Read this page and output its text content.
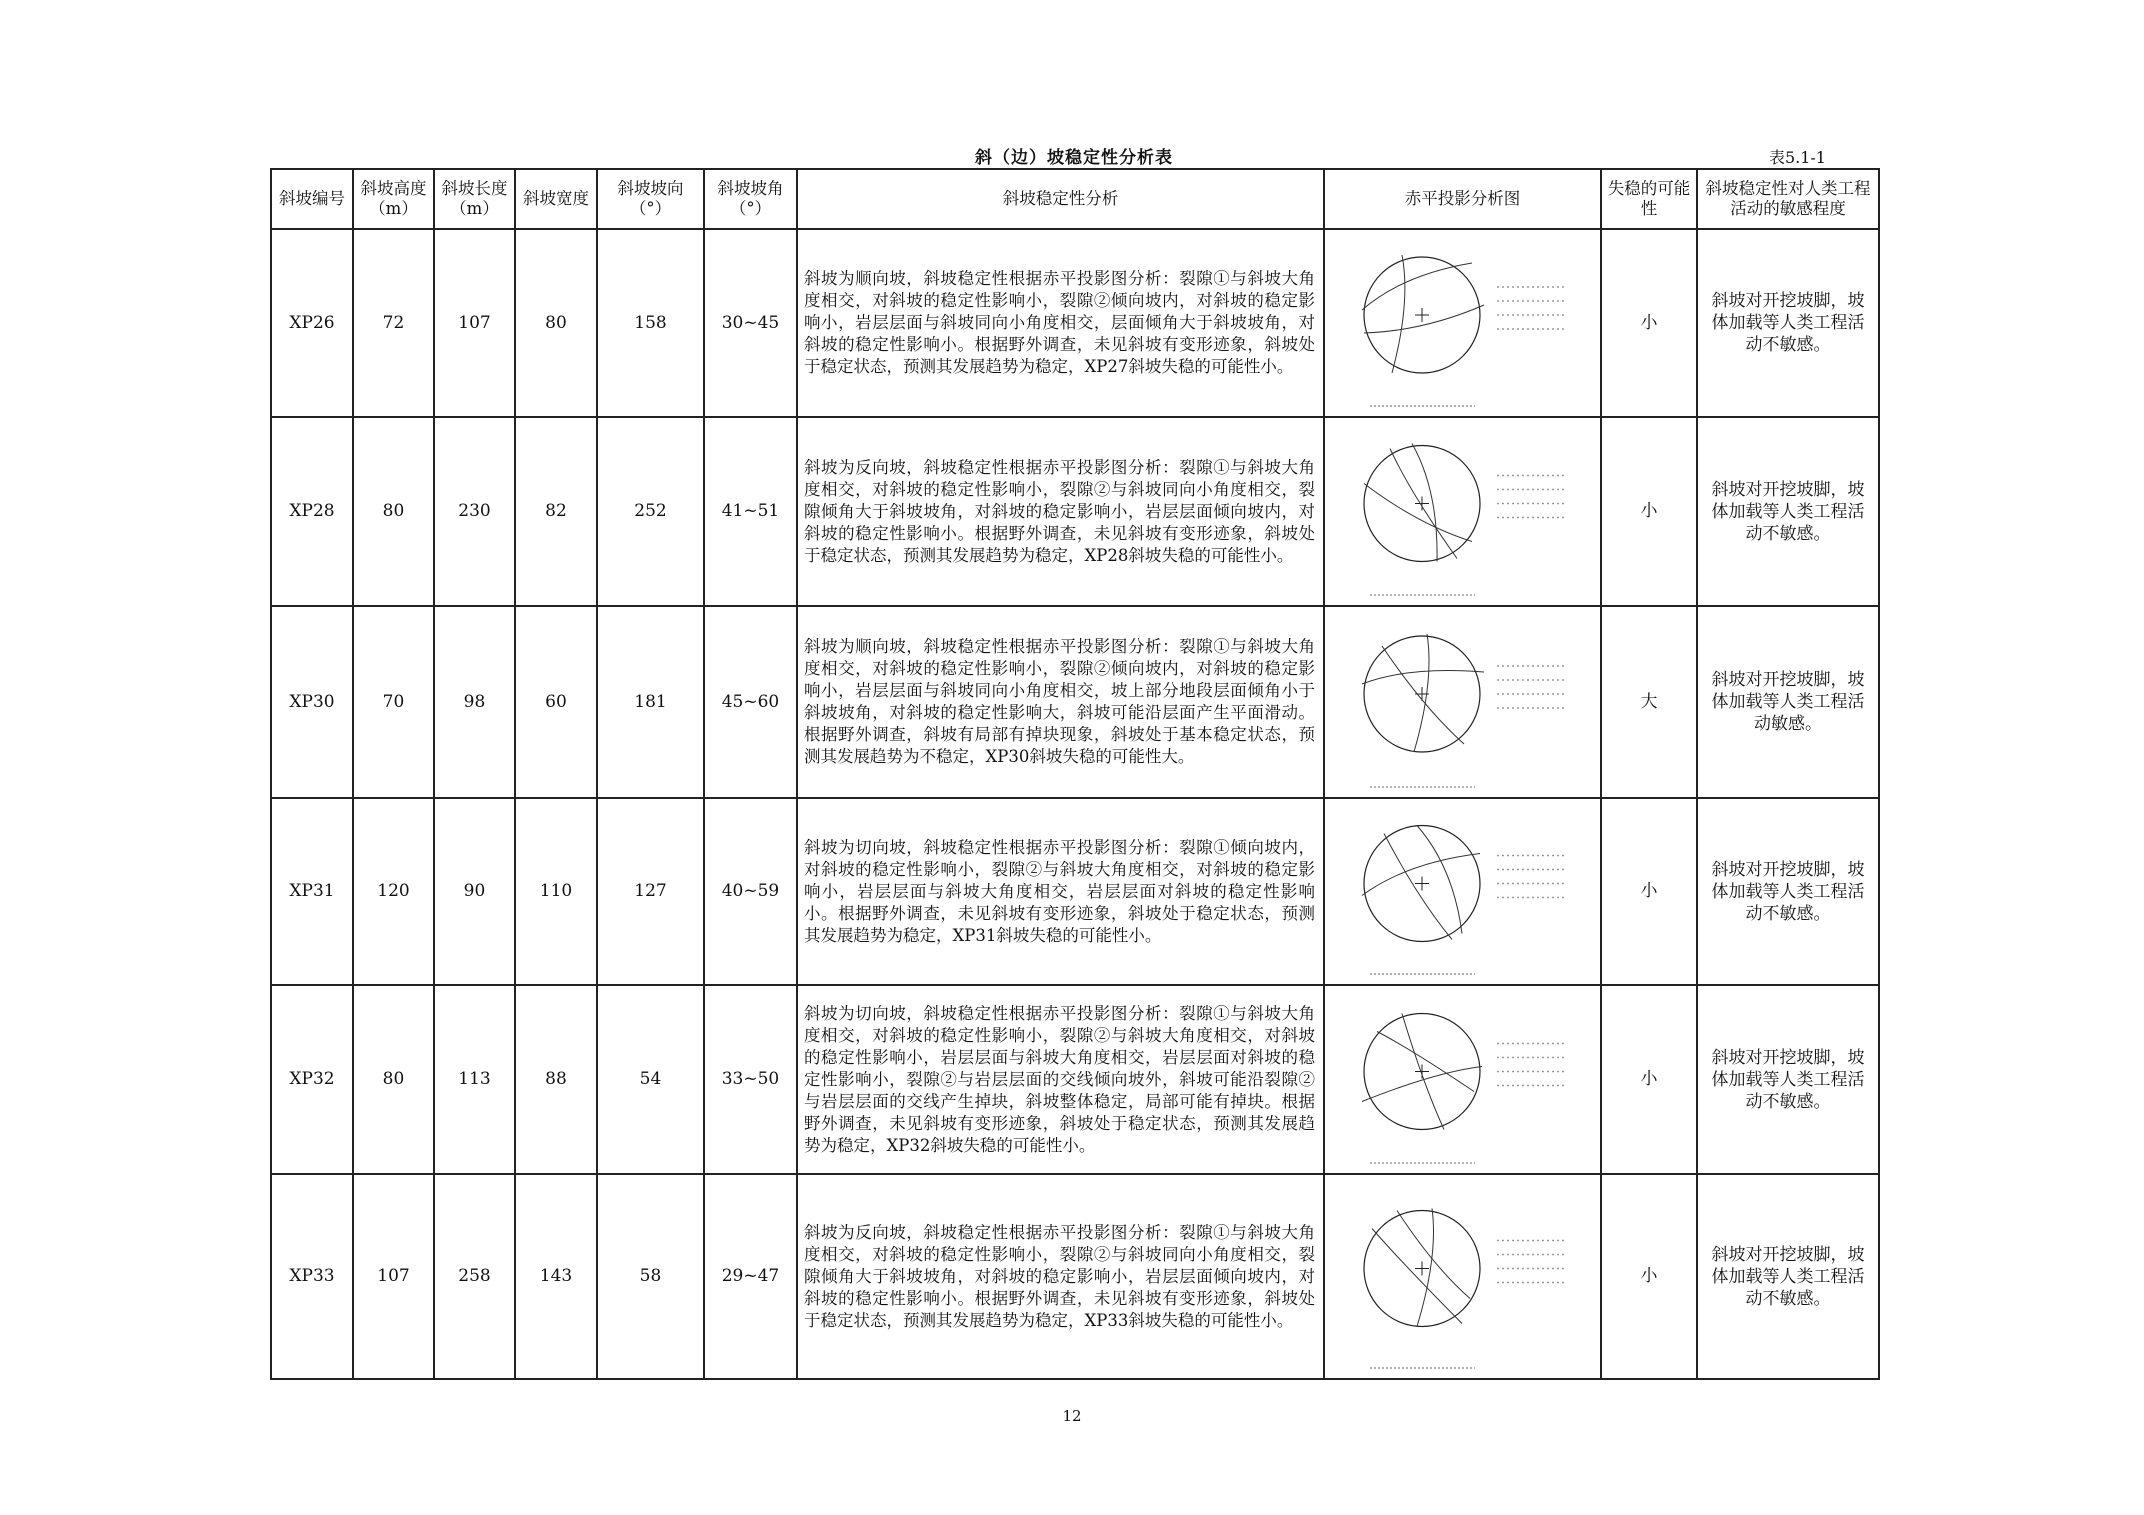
斜（边）坡稳定性分析表	表5.1-1
斜坡编号	斜坡高度（m）	斜坡长度（m）	斜坡宽度	斜坡坡向（°）	斜坡坡角（°）	斜坡稳定性分析	赤平投影分析图	失稳的可能性	斜坡稳定性对人类工程活动的敏感程度
XP26	72	107	80	158	30~45	斜坡为顺向坡，斜坡稳定性根据赤平投影图分析：裂隙①与斜坡大角度相交，对斜坡的稳定性影响小，裂隙②倾向坡内，对斜坡的稳定影响小，岩层层面与斜坡同向小角度相交，层面倾角大于斜坡坡角，对斜坡的稳定性影响小。根据野外调查，未见斜坡有变形迹象，斜坡处于稳定状态，预测其发展趋势为稳定，XP27斜坡失稳的可能性小。		小	斜坡对开挖坡脚，坡体加载等人类工程活动不敏感。
XP28	80	230	82	252	41~51	斜坡为反向坡，斜坡稳定性根据赤平投影图分析：裂隙①与斜坡大角度相交，对斜坡的稳定性影响小，裂隙②与斜坡同向小角度相交，裂隙倾角大于斜坡坡角，对斜坡的稳定影响小，岩层层面倾向坡内，对斜坡的稳定性影响小。根据野外调查，未见斜坡有变形迹象，斜坡处于稳定状态，预测其发展趋势为稳定，XP28斜坡失稳的可能性小。		小	斜坡对开挖坡脚，坡体加载等人类工程活动不敏感。
XP30	70	98	60	181	45~60	斜坡为顺向坡，斜坡稳定性根据赤平投影图分析：裂隙①与斜坡大角度相交，对斜坡的稳定性影响小，裂隙②倾向坡内，对斜坡的稳定影响小，岩层层面与斜坡同向小角度相交，坡上部分地段层面倾角小于斜坡坡角，对斜坡的稳定性影响大，斜坡可能沿层面产生平面滑动。根据野外调查，斜坡有局部有掉块现象，斜坡处于基本稳定状态，预测其发展趋势为不稳定，XP30斜坡失稳的可能性大。		大	斜坡对开挖坡脚，坡体加载等人类工程活动敏感。
XP31	120	90	110	127	40~59	斜坡为切向坡，斜坡稳定性根据赤平投影图分析：裂隙①倾向坡内，对斜坡的稳定性影响小，裂隙②与斜坡大角度相交，对斜坡的稳定影响小，岩层层面与斜坡大角度相交，岩层层面对斜坡的稳定性影响小。根据野外调查，未见斜坡有变形迹象，斜坡处于稳定状态，预测其发展趋势为稳定，XP31斜坡失稳的可能性小。		小	斜坡对开挖坡脚，坡体加载等人类工程活动不敏感。
XP32	80	113	88	54	33~50	斜坡为切向坡，斜坡稳定性根据赤平投影图分析：裂隙①与斜坡大角度相交，对斜坡的稳定性影响小，裂隙②与斜坡大角度相交，对斜坡的稳定性影响小，岩层层面与斜坡大角度相交，岩层层面对斜坡的稳定性影响小，裂隙②与岩层层面的交线倾向坡外，斜坡可能沿裂隙②与岩层层面的交线产生掉块，斜坡整体稳定，局部可能有掉块。根据野外调查，未见斜坡有变形迹象，斜坡处于稳定状态，预测其发展趋势为稳定，XP32斜坡失稳的可能性小。		小	斜坡对开挖坡脚，坡体加载等人类工程活动不敏感。
XP33	107	258	143	58	29~47	斜坡为反向坡，斜坡稳定性根据赤平投影图分析：裂隙①与斜坡大角度相交，对斜坡的稳定性影响小，裂隙②与斜坡同向小角度相交，裂隙倾角大于斜坡坡角，对斜坡的稳定影响小，岩层层面倾向坡内，对斜坡的稳定性影响小。根据野外调查，未见斜坡有变形迹象，斜坡处于稳定状态，预测其发展趋势为稳定，XP33斜坡失稳的可能性小。		小	斜坡对开挖坡脚，坡体加载等人类工程活动不敏感。
12
